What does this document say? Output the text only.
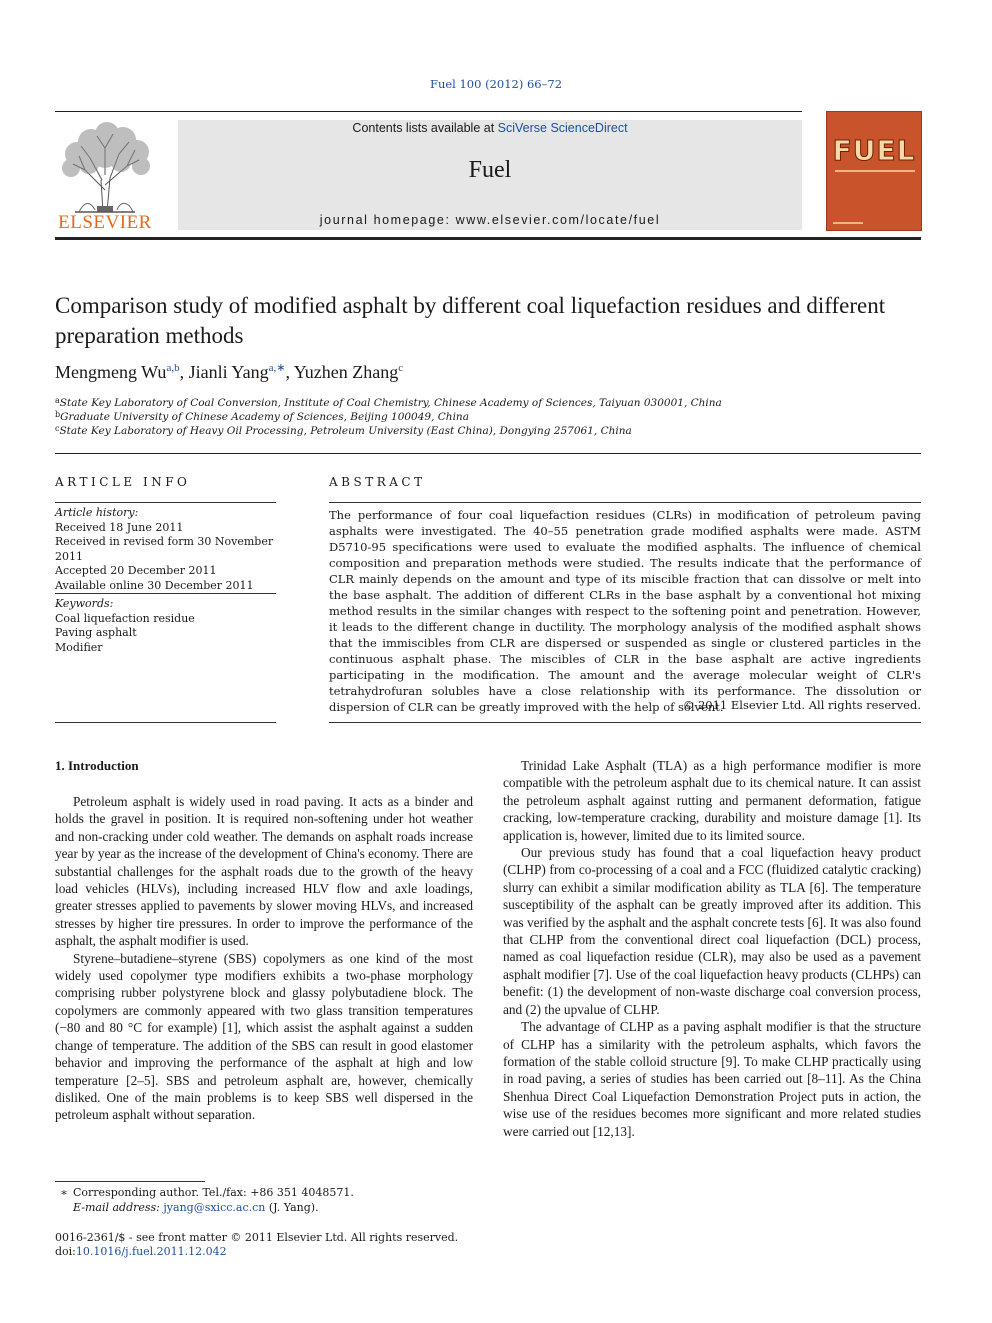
Fuel 100 (2012) 66–72
ELSEVIER
Contents lists available at SciVerse ScienceDirect
Fuel
journal homepage: www.elsevier.com/locate/fuel
FUEL
Comparison study of modified asphalt by different coal liquefaction residues and different preparation methods
Mengmeng Wu$^{a,b}$, Jianli Yang$^{a,∗}$, Yuzhen Zhang$^c$
$^a$State Key Laboratory of Coal Conversion, Institute of Coal Chemistry, Chinese Academy of Sciences, Taiyuan 030001, China
$^b$Graduate University of Chinese Academy of Sciences, Beijing 100049, China
$^c$State Key Laboratory of Heavy Oil Processing, Petroleum University (East China), Dongying 257061, China
ARTICLE INFO
Article history:
Received 18 June 2011
Received in revised form 30 November 2011
Accepted 20 December 2011
Available online 30 December 2011
Keywords:
Coal liquefaction residue
Paving asphalt
Modifier
ABSTRACT
The performance of four coal liquefaction residues (CLRs) in modification of petroleum paving asphalts were investigated. The 40–55 penetration grade modified asphalts were made. ASTM D5710-95 specifications were used to evaluate the modified asphalts. The influence of chemical composition and preparation methods were studied. The results indicate that the performance of CLR mainly depends on the amount and type of its miscible fraction that can dissolve or melt into the base asphalt. The addition of different CLRs in the base asphalt by a conventional hot mixing method results in the similar changes with respect to the softening point and penetration. However, it leads to the different change in ductility. The morphology analysis of the modified asphalt shows that the immiscibles from CLR are dispersed or suspended as single or clustered particles in the continuous asphalt phase. The miscibles of CLR in the base asphalt are active ingredients participating in the modification. The amount and the average molecular weight of CLR's tetrahydrofuran solubles have a close relationship with its performance. The dissolution or dispersion of CLR can be greatly improved with the help of solvent.
© 2011 Elsevier Ltd. All rights reserved.
1. Introduction

Petroleum asphalt is widely used in road paving. It acts as a binder and holds the gravel in position. It is required non-softening under hot weather and non-cracking under cold weather. The demands on asphalt roads increase year by year as the increase of the development of China's economy. There are substantial challenges for the asphalt roads due to the growth of the heavy load vehicles (HLVs), including increased HLV flow and axle loadings, greater stresses applied to pavements by slower moving HLVs, and increased stresses by higher tire pressures. In order to improve the performance of the asphalt, the asphalt modifier is used.

Styrene–butadiene–styrene (SBS) copolymers as one kind of the most widely used copolymer type modifiers exhibits a two-phase morphology comprising rubber polystyrene block and glassy polybutadiene block. The copolymers are commonly appeared with two glass transition temperatures (−80 and 80 °C for example) [1], which assist the asphalt against a sudden change of temperature. The addition of the SBS can result in good elastomer behavior and improving the performance of the asphalt at high and low temperature [2–5]. SBS and petroleum asphalt are, however, chemically disliked. One of the main problems is to keep SBS well dispersed in the petroleum asphalt without separation.

Trinidad Lake Asphalt (TLA) as a high performance modifier is more compatible with the petroleum asphalt due to its chemical nature. It can assist the petroleum asphalt against rutting and permanent deformation, fatigue cracking, low-temperature cracking, durability and moisture damage [1]. Its application is, however, limited due to its limited source.

Our previous study has found that a coal liquefaction heavy product (CLHP) from co-processing of a coal and a FCC (fluidized catalytic cracking) slurry can exhibit a similar modification ability as TLA [6]. The temperature susceptibility of the asphalt can be greatly improved after its addition. This was verified by the asphalt and the asphalt concrete tests [6]. It was also found that CLHP from the conventional direct coal liquefaction (DCL) process, named as coal liquefaction residue (CLR), may also be used as a pavement asphalt modifier [7]. Use of the coal liquefaction heavy products (CLHPs) can benefit: (1) the development of non-waste discharge coal conversion process, and (2) the upvalue of CLHP.

The advantage of CLHP as a paving asphalt modifier is that the structure of CLHP has a similarity with the petroleum asphalts, which favors the formation of the stable colloid structure [9]. To make CLHP practically using in road paving, a series of studies has been carried out [8–11]. As the China Shenhua Direct Coal Liquefaction Demonstration Project puts in action, the wise use of the residues becomes more significant and more related studies were carried out [12,13].

∗ Corresponding author. Tel./fax: +86 351 4048571.
E-mail address: jyang@sxicc.ac.cn (J. Yang).
0016-2361/$ - see front matter © 2011 Elsevier Ltd. All rights reserved.
doi:10.1016/j.fuel.2011.12.042
